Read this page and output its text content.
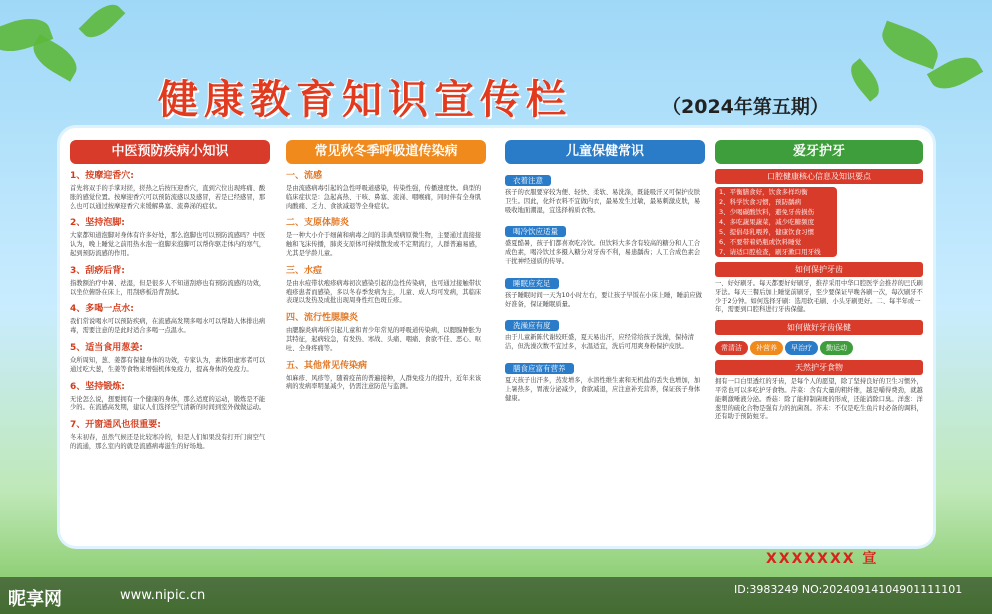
健康教育知识宣传栏	（2024年第五期）
中医预防疾病小知识
1、按摩迎香穴:
首先将双手的手掌对搓，搓热之后按压迎香穴，直到穴位出现疼痛、酸胀的感觉位置。按摩迎香穴可以预防流感以及感冒，若是已经感冒，那么也可以通过按摩迎香穴来缓解鼻塞、流鼻涕的症状。
2、坚持泡脚:
大家都知道泡脚对身体有许多好处，那么泡脚也可以预防流感吗？中医认为，晚上睡觉之前用热水泡一泡脚来泡脚可以帮你驱走体内的寒气，起到预防流感的作用。
3、刮痧后背:
指教额治疗中暑、祛湿，但是很多人不知道刮痧也有预防流感的功效，以坐位俯卧在床上，用刮痧板沿背刮拭。
4、多喝一点水:
我们常说喝水可以预防疾病，在流感高发期多喝水可以帮助人体排出病毒，需要注意的是此时适合多喝一点温水。
5、适当食用葱姜:
众所周知，葱、姜都有保健身体的功效，专家认为，素体阳虚寒者可以通过吃大葱，生姜等食物来增强机体免疫力，提高身体的免疫力。
6、坚持锻炼:
无论怎么说，想要拥有一个健康的身体，那么适度的运动，锻炼是不能少的。在流感高发期，建议人们选择空气清新的时间到室外做做运动。
7、开窗通风也很重要:
冬末初春，虽然气候还是比较寒冷的，但是人们如果没有打开门窗空气的流通，那么室内的就是流感病毒滋生的好场地。
常见秋冬季呼吸道传染病
一、流感
是由流感病毒引起的急性呼吸道感染，传染性强，传播速度快。典型的临床症状是：急起高热、干咳、鼻塞、流涕、咽喉痛，同时伴有全身肌肉酸痛、乏力、食欲减退等全身症状。
二、支原体肺炎
是一种大小介于细菌和病毒之间的非典型病原微生物，主要通过直接接触和飞沫传播，肺炎支原体可持续散发或不定期流行，人群普遍易感，尤其是学龄儿童。
三、水痘
是由水痘带状疱疹病毒初次感染引起的急性传染病，也可通过接触带状疱疹患者而感染，多以冬春季发病为主，儿童、成人均可发病，其临床表现以发热及成批出现周身性红色斑丘疹。
四、流行性腮腺炎
由腮腺炎病毒所引起儿童和青少年常见的呼吸道传染病，以腮腺肿胀为其特征，起病较急，有发热、寒战、头痛、咽痛、食欲不佳、恶心、呕吐、全身疼痛等。
五、其他常见传染病
如麻疹、风疹等，随着疫苗的普遍接种，人群免疫力的提升，近年来该病的发病率明显减少，仍需注意防范与监测。
儿童保健常识
衣着注意
孩子的衣服要穿较为便、轻快、柔软、易洗涤，既能吸汗又可保护皮肤卫生。因此，化纤衣料不宜做内衣，最易发生过敏，最易刺激皮肤，易吸收地面潮湿，宜选择棉质衣物。
喝冷饮应适量
盛夏酷暑，孩子们都喜欢吃冷饮。但饮料大多含有较高的糖分和人工合成色素，喝冷饮过多摄入糖分对牙齿不利，易患龋齿；人工合成色素会干扰神经递质的传导。
睡眠应充足
孩子睡眠时间一天为10小时左右，要让孩子早饭在小床上睡，睡前应做好准备，保证睡眠质量。
洗澡应有度
由于儿童新陈代谢较旺盛，夏天易出汗，应经常给孩子洗澡，保持清洁，但洗澡次数不宜过多，水温适宜，洗后可用爽身粉保护皮肤。
膳食应富有营养
夏天孩子出汗多，蒸发增多，水溶性维生素和无机盐的丢失也增加，加上暑热多，胃液分泌减少，食欲减退，应注意补充营养，保证孩子身体健康。
爱牙护牙
口腔健康核心信息及知识要点
1、平衡膳食好，饮食多样均衡
2、科学饮食习惯，预防龋病
3、少喝碳酸饮料，避免牙齿损伤
4、多吃蔬果蔬菜，减少吃糖频度
5、提倡母乳喂养，健康饮食习惯
6、不要带着奶瓶或饮料睡觉
7、请适口腔检查，刷牙漱口用牙线
如何保护牙齿
一、好好刷牙。每天都要好好刷牙，推荐采用中华口腔医学会推荐的巴氏刷牙法。每天三餐后加上睡觉前刷牙，至少要保证早晚各刷一次，每次刷牙不少于2分钟。如何选择牙刷：选用软毛刷、小头牙刷更好。二、每半年或一年，需要到口腔科进行牙齿保健。
如何做好牙齿保健
常清洁 补营养 早治疗 勤运动
天然护牙食物
拥有一口白里透红的牙齿，是每个人的愿望，除了坚持良好的卫生习惯外，平常也可以多吃护牙食物。芹菜：含有大量的粗纤维，越是嚼得费劲，就越能刺激唾液分泌。香菇：除了能抑制菌斑的形成，还能消除口臭。洋葱：洋葱里的硫化合物是强有力的抗菌剂。芥末：不仅是吃生鱼片时必备的调料，还有助于预防蛀牙。
XXXXXXX 宣
昵享网	www.nipic.cn	ID:3983249 NO:20240914104901111101
